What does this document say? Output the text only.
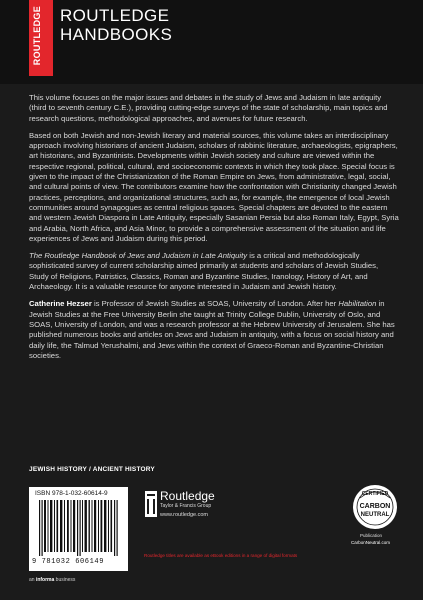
ROUTLEDGE ROUTLEDGE
HANDBOOKS

This volume focuses on the major issues and debates in the study of Jews and Judaism in late antiquity (third to seventh century C.E.), providing cutting-edge surveys of the state of scholarship, main topics and research questions, methodological approaches, and avenues for future research.

Based on both Jewish and non-Jewish literary and material sources, this volume takes an interdisciplinary approach involving historians of ancient Judaism, scholars of rabbinic literature, archaeologists, epigraphers, art historians, and Byzantinists. Developments within Jewish society and culture are viewed within the respective regional, political, cultural, and socioeconomic contexts in which they took place. Special focus is given to the impact of the Christianization of the Roman Empire on Jews, from administrative, legal, social, and cultural points of view. The contributors examine how the confrontation with Christianity changed Jewish practices, perceptions, and organizational structures, such as, for example, the emergence of local Jewish communities around synagogues as central religious spaces. Special chapters are devoted to the eastern and western Jewish Diaspora in Late Antiquity, especially Sasanian Persia but also Roman Italy, Egypt, Syria and Arabia, North Africa, and Asia Minor, to provide a comprehensive assessment of the situation and life experiences of Jews and Judaism during this period.

The Routledge Handbook of Jews and Judaism in Late Antiquity is a critical and methodologically sophisticated survey of current scholarship aimed primarily at students and scholars of Jewish Studies, Study of Religions, Patristics, Classics, Roman and Byzantine Studies, Iranology, History of Art, and Archaeology. It is a valuable resource for anyone interested in Judaism and Jewish history.

Catherine Hezser is Professor of Jewish Studies at SOAS, University of London. After her Habilitation in Jewish Studies at the Free University Berlin she taught at Trinity College Dublin, University of Oslo, and SOAS, University of London, and was a research professor at the Hebrew University of Jerusalem. She has published numerous books and articles on Jews and Judaism in antiquity, with a focus on social history and daily life, the Talmud Yerushalmi, and Jews within the context of Graeco-Roman and Byzantine-Christian societies.

JEWISH HISTORY / ANCIENT HISTORY
ISBN 978-1-032-60614-9
9 781032 606149
an informa business
Routledge
Taylor & Francis Group
www.routledge.com
Routledge titles are available as eBook editions in a range of digital formats
CERTIFIED
CARBON
NEUTRAL
Publication
CarbonNeutral.com
